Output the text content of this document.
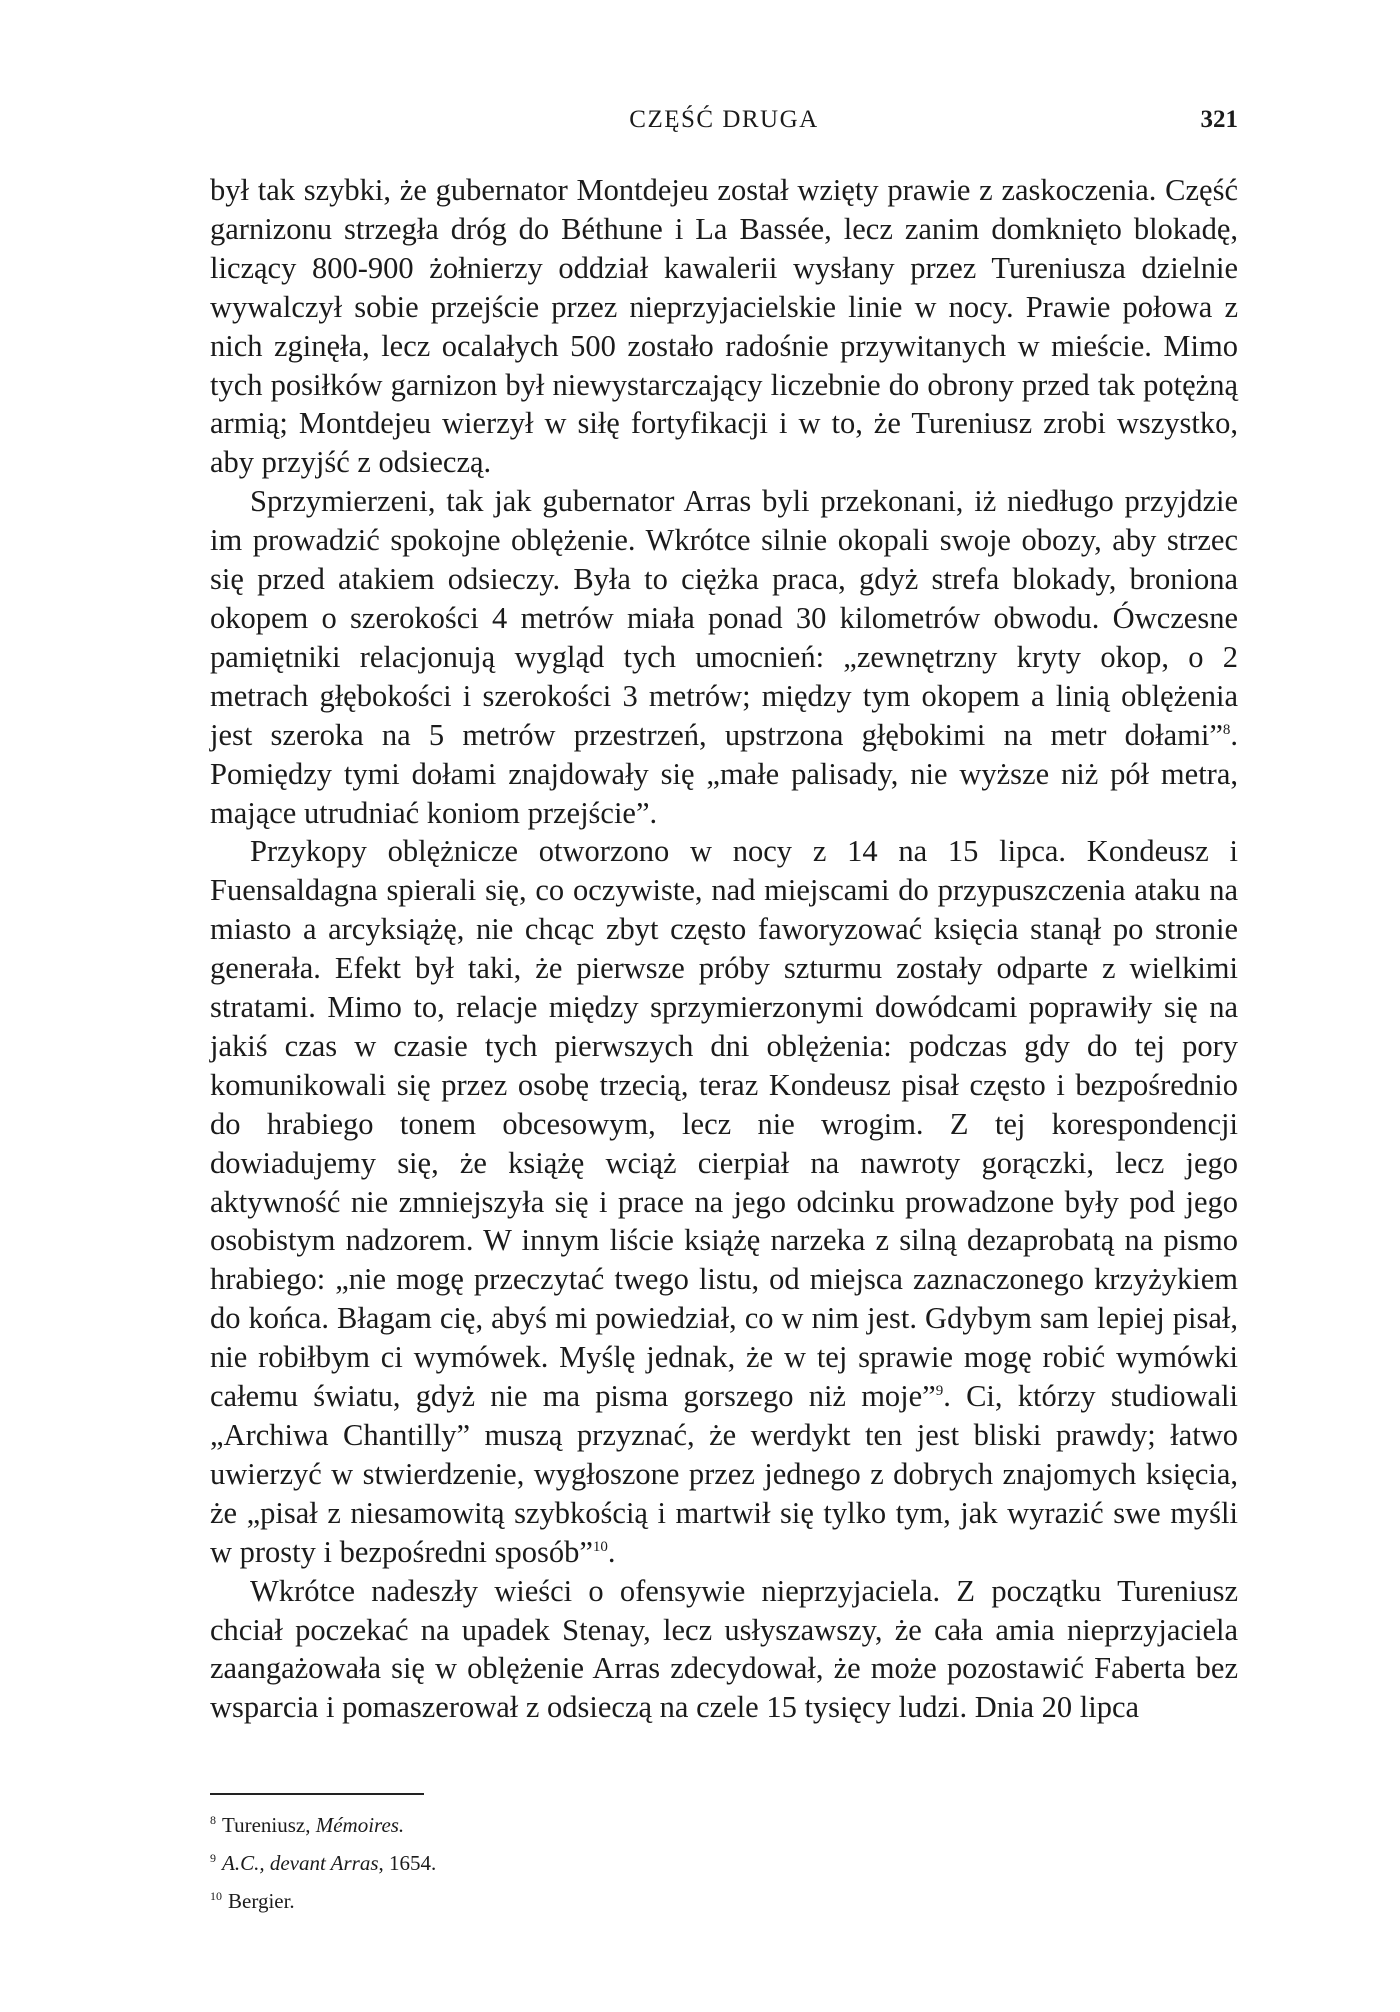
CZĘŚĆ DRUGA	321

był tak szybki, że gubernator Montdejeu został wzięty prawie z zaskoczenia. Część garnizonu strzegła dróg do Béthune i La Bassée, lecz zanim domknięto blokadę, liczący 800-900 żołnierzy oddział kawalerii wysłany przez Tureniusza dzielnie wywalczył sobie przejście przez nieprzyjacielskie linie w nocy. Prawie połowa z nich zginęła, lecz ocalałych 500 zostało radośnie przywitanych w mieście. Mimo tych posiłków garnizon był niewystarczający liczebnie do obrony przed tak potężną armią; Montdejeu wierzył w siłę fortyfikacji i w to, że Tureniusz zrobi wszystko, aby przyjść z odsieczą.

Sprzymierzeni, tak jak gubernator Arras byli przekonani, iż niedługo przyjdzie im prowadzić spokojne oblężenie. Wkrótce silnie okopali swoje obozy, aby strzec się przed atakiem odsieczy. Była to ciężka praca, gdyż strefa blokady, broniona okopem o szerokości 4 metrów miała ponad 30 kilometrów obwodu. Ówczesne pamiętniki relacjonują wygląd tych umocnień: „zewnętrzny kryty okop, o 2 metrach głębokości i szerokości 3 metrów; między tym okopem a linią oblężenia jest szeroka na 5 metrów przestrzeń, upstrzona głębokimi na metr dołami”$^8$. Pomiędzy tymi dołami znajdowały się „małe palisady, nie wyższe niż pół metra, mające utrudniać koniom przejście”.

Przykopy oblężnicze otworzono w nocy z 14 na 15 lipca. Kondeusz i Fuensaldagna spierali się, co oczywiste, nad miejscami do przypuszczenia ataku na miasto a arcyksiążę, nie chcąc zbyt często faworyzować księcia stanął po stronie generała. Efekt był taki, że pierwsze próby szturmu zostały odparte z wielkimi stratami. Mimo to, relacje między sprzymierzonymi dowódcami poprawiły się na jakiś czas w czasie tych pierwszych dni oblężenia: podczas gdy do tej pory komunikowali się przez osobę trzecią, teraz Kondeusz pisał często i bezpośrednio do hrabiego tonem obcesowym, lecz nie wrogim. Z tej korespondencji dowiadujemy się, że książę wciąż cierpiał na nawroty gorączki, lecz jego aktywność nie zmniejszyła się i prace na jego odcinku prowadzone były pod jego osobistym nadzorem. W innym liście książę narzeka z silną dezaprobatą na pismo hrabiego: „nie mogę przeczytać twego listu, od miejsca zaznaczonego krzyżykiem do końca. Błagam cię, abyś mi powiedział, co w nim jest. Gdybym sam lepiej pisał, nie robiłbym ci wymówek. Myślę jednak, że w tej sprawie mogę robić wymówki całemu światu, gdyż nie ma pisma gorszego niż moje”$^9$. Ci, którzy studiowali „Archiwa Chantilly” muszą przyznać, że werdykt ten jest bliski prawdy; łatwo uwierzyć w stwierdzenie, wygłoszone przez jednego z dobrych znajomych księcia, że „pisał z niesamowitą szybkością i martwił się tylko tym, jak wyrazić swe myśli w prosty i bezpośredni sposób”$^{10}$.

Wkrótce nadeszły wieści o ofensywie nieprzyjaciela. Z początku Tureniusz chciał poczekać na upadek Stenay, lecz usłyszawszy, że cała amia nieprzyjaciela zaangażowała się w oblężenie Arras zdecydował, że może pozostawić Faberta bez wsparcia i pomaszerował z odsieczą na czele 15 tysięcy ludzi. Dnia 20 lipca

$^8$ Tureniusz, Mémoires.
$^9$ A.C., devant Arras, 1654.
$^{10}$ Bergier.
